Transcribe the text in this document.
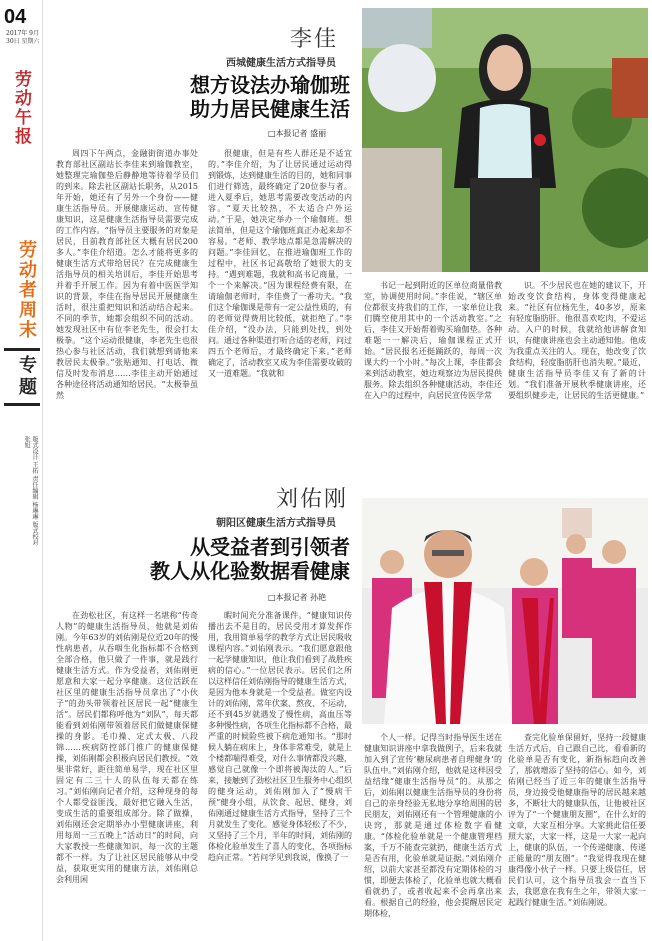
04
2017年 9月30日 星期六
劳动午报
劳动者周末
专题
版式设计 王拓 责任编辑 杨琳琳 版式校对 张旭
李佳
西城健康生活方式指导员
想方设法办瑜伽班
助力居民健康生活
□本报记者 盛丽

周四下午两点，金融街街道办事处教育部社区副站长李佳来到瑜伽教室，她整理完瑜伽垫后静静地等待着学员们的到来。除去社区副站长职务，从2015年开始，她还有了另外一个身份——健康生活指导员。开展健康运动、宣传健康知识，这是健康生活指导员需要完成的工作内容。“指导员主要服务的对象是居民，目前教育部社区大概有居民200多人。”李佳介绍道。怎么才能将更多的健康生活方式带给居民？在完成健康生活指导员的相关培训后，李佳开始思考并着手开展工作。因为有着中医医学知识的背景，李佳在指导居民开展健康生活时，很注重把知识和活动结合起来。不同的季节，她都会组织不同的活动。她发现社区中有位李老先生，很会打太极拳。“这个运动很健康，李老先生也很热心参与社区活动，我们就想到请他来教居民太极拳。”张贴通知、打电话、微信及时发布消息……李佳主动开始通过各种途径将活动通知给居民。“太极拳虽然

很健康，但是有些人群还是不适宜的。”李佳介绍，为了让居民通过运动得到锻炼，达到健康生活的目的，她和同事们进行筛选，最终确定了20位参与者。进入夏季后，她思考需要改变活动的内容。“夏天比较热，不太适合户外运动。”于是，她决定举办一个瑜伽班。想法简单，但是这个瑜伽班真正办起来却不容易。“老师、教学地点都是急需解决的问题。”李佳回忆，在推进瑜伽班工作的过程中，社区书记高敬给了她很大的支持。“遇到难题，我就和高书记商量，一个一个来解决。”因为课程经费有限，在请瑜伽老师时，李佳费了一番功夫。“我们这个瑜伽课是带有一定公益性质的，有的老师觉得费用比较低，就拒绝了。”李佳介绍，“没办法，只能到处找，到处问。通过各种渠道打听合适的老师，问过四五个老师后，才最终确定下来。”老师确定了，活动教室又成为李佳需要攻破的又一道难题。“我就和

书记一起到附近的区单位商量借教室，协调使用时间。”李佳说，“辖区单位都很支持我们的工作，一家单位让我们腾空使用其中的一个活动教室。”之后，李佳又开始帮着购买瑜伽垫。各种难题一一解决后，瑜伽课程正式开始。“居民报名还挺踊跃的，每周一次课大约一个小时。”每次上课，李佳都会来到活动教室，她边观察边为居民提供服务。除去组织各种健康活动，李佳还在入户的过程中，向居民宣传医学常

识。不少居民也在她的建议下，开始改变饮食结构，身体变得健康起来。“社区有位杨先生，40多岁，原来有轻度脂肪肝。他很喜欢吃肉，不爱运动。入户的时候，我就给他讲解食知识，有健康讲座也会主动通知他。他成为我重点关注的人。现在，他改变了饮食结构，轻度脂肪肝也消失啦。”最近，健康生活指导员李佳又有了新的计划。“我们准备开展秋季健康讲座，还要组织健步走，让居民的生活更健康。”

刘佑刚
朝阳区健康生活方式指导员
从受益者到引领者
教人从化验数据看健康
□本报记者 孙艳

在劲松社区，有这样一名堪称“传奇人物”的健康生活指导员，他就是刘佑刚。今年63岁的刘佑刚是位近20年的慢性病患者，从吞咽生化指标都不合格到全部合格，他只做了一件事，就是践行健康生活方式。作为受益者，刘佑刚更愿意和大家一起分享健康。这位活跃在社区里的健康生活指导员拿出了“小伙子”的劲头带领着社区居民一起“健康生活”。居民们都称呼他为“刘队”，每天都能看到刘佑刚带领着居民们做健康保健操的身影。毛巾操、定式太极、八段锦……疾病防控部门推广的健康保健操，刘佑刚都会积极向居民们教授。“效果非常好，距往简单易学，现在社区里固定有二三十人的队伍每天都在练习。”刘佑刚向记者介绍，这种现身的每个人都受益匪浅，最好把它融入生活，变成生活的重要组成部分。除了做操，刘佑刚还会定期举办小型健康讲座，利用每周一三五晚上“活动日”的时间，向大家教授一些健康知识，每一次的主题都不一样。为了让社区居民能够从中受益，获取更实用的健康方法，刘佑刚总会利用闲

暇时间充分准备课件。“健康知识传播出去不是目的，居民受用才算发挥作用，我用简单易学的教学方式让居民吸收课程内容。”刘佑刚表示。“我们愿意跟他一起学健康知识，他让我们看到了战胜疾病的信心。”一位居民表示。居民们之所以这样信任刘佑刚指导的健康生活方式，是因为他本身就是一个受益者。做室内设计的刘佑刚，常年伏案、熬夜、不运动，还不到45岁就遇发了慢性病，高血压等多种慢性病，各项生化指标都不合格，最严重的时候险些被下病危通知书。“那时候人躺在病床上，身体非常难受，就是上个楼都喘得难受，对什么事情都没兴趣，感觉自己就像一个即将被淘汰的人。”后来，接触到了劲松社区卫生服务中心组织的健身运动，刘佑刚加入了“慢病干预”健身小组，从饮食、起居、健身，刘佑刚通过健康生活方式指导，坚持了三个月就发生了变化。感觉身体轻松了不少，又坚持了三个月，半年的时间，刘佑刚的体检化验单发生了喜人的变化，各项指标趋向正常。“若问学见到我说，像换了一

个人一样。记得当时指导医生送在健康知识讲座中拿我做例子，后来我就加入到了宣传‘糖尿病患者自理健身’的队伍中。”刘佑刚介绍，他就是这样因受益结缘“健康生活指导员”的。从那之后，刘佑刚以健康生活指导员的身份将自己的亲身经验无私地分享给周围的居民朋友，刘佑刚还有一个管理健康的小诀窍，那就是通过体检数字看健康。“体检化验单就是一个健康管理档案，千万不能查完就扔，健康生活方式是否有用，化验单就是证据。”刘佑刚介绍，以前大家甚至都没有定期体检的习惯，即便去体检了，化验单也就大概看看就扔了，或者收起来不会再拿出来看。根据自己的经验，他会提醒居民定期体检，

查完化验单保留好，坚持一段健康生活方式后，自己跟自己比，看看新的化验单是否有变化，新指标趋向改善了，那就增添了坚持的信心。如今，刘佑刚已经当了近三年的健康生活指导员，身边接受他健康指导的居民越来越多，不断壮大的健康队伍，让他被社区评为了“一个健康朋友圈”，在什么好的文章，大家互相分享。大家挑此信任要照大家，大家一样，这是一大家一起向上，健康的队伍，一个传递健康、传递正能量的“朋友圈”。“我觉得我现在健康得像小伙子一样。只要上级信任，居民们认可，这个指导员我会一直当下去，我愿意在我有生之年，带领大家一起践行健康生活。”刘佑刚说。
